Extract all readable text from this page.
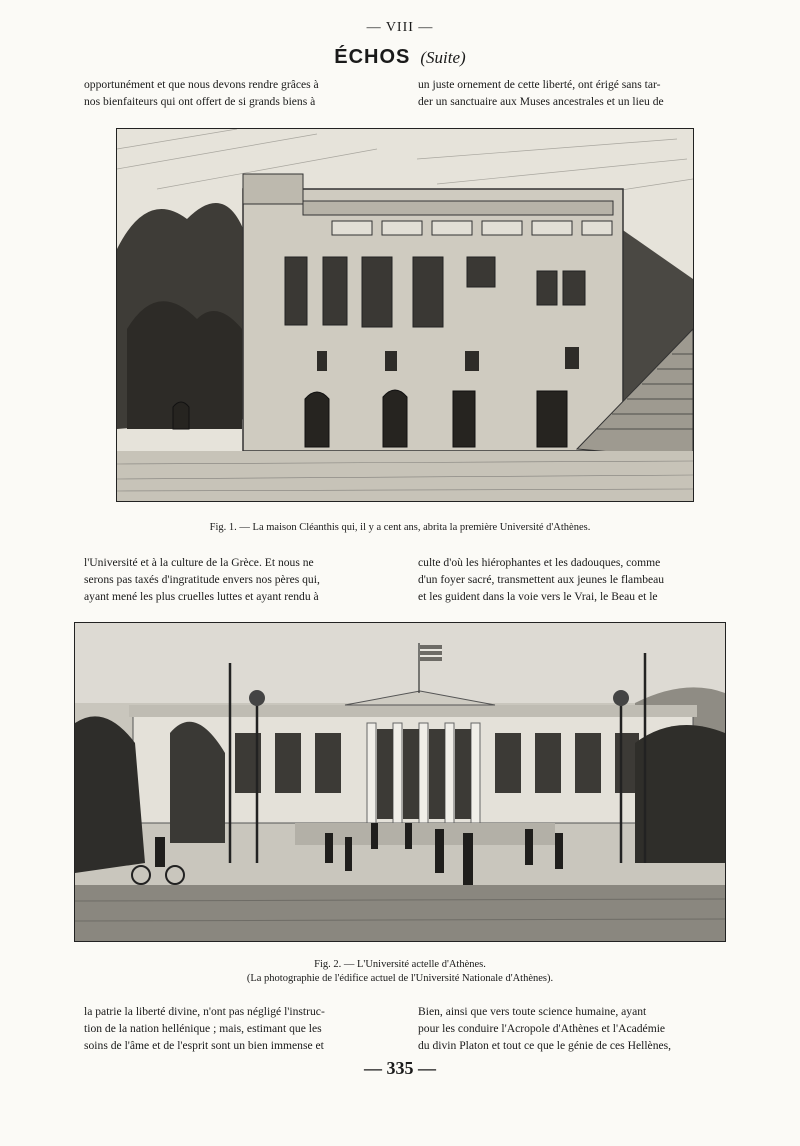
— VIII —
ÉCHOS (Suite)

opportunément et que nous devons rendre grâces à

nos bienfaiteurs qui ont offert de si grands biens à

un juste ornement de cette liberté, ont érigé sans tar-

der un sanctuaire aux Muses ancestrales et un lieu de

Fig. 1. — La maison Cléanthis qui, il y a cent ans, abrita la première Université d'Athènes.

l'Université et à la culture de la Grèce. Et nous ne

serons pas taxés d'ingratitude envers nos pères qui,

ayant mené les plus cruelles luttes et ayant rendu à

culte d'où les hiérophantes et les dadouques, comme

d'un foyer sacré, transmettent aux jeunes le flambeau

et les guident dans la voie vers le Vrai, le Beau et le

Fig. 2. — L'Université actelle d'Athènes.
(La photographie de l'édifice actuel de l'Université Nationale d'Athènes).

la patrie la liberté divine, n'ont pas négligé l'instruc-

tion de la nation hellénique ; mais, estimant que les

soins de l'âme et de l'esprit sont un bien immense et

Bien, ainsi que vers toute science humaine, ayant

pour les conduire l'Acropole d'Athènes et l'Académie

du divin Platon et tout ce que le génie de ces Hellènes,

— 335 —
